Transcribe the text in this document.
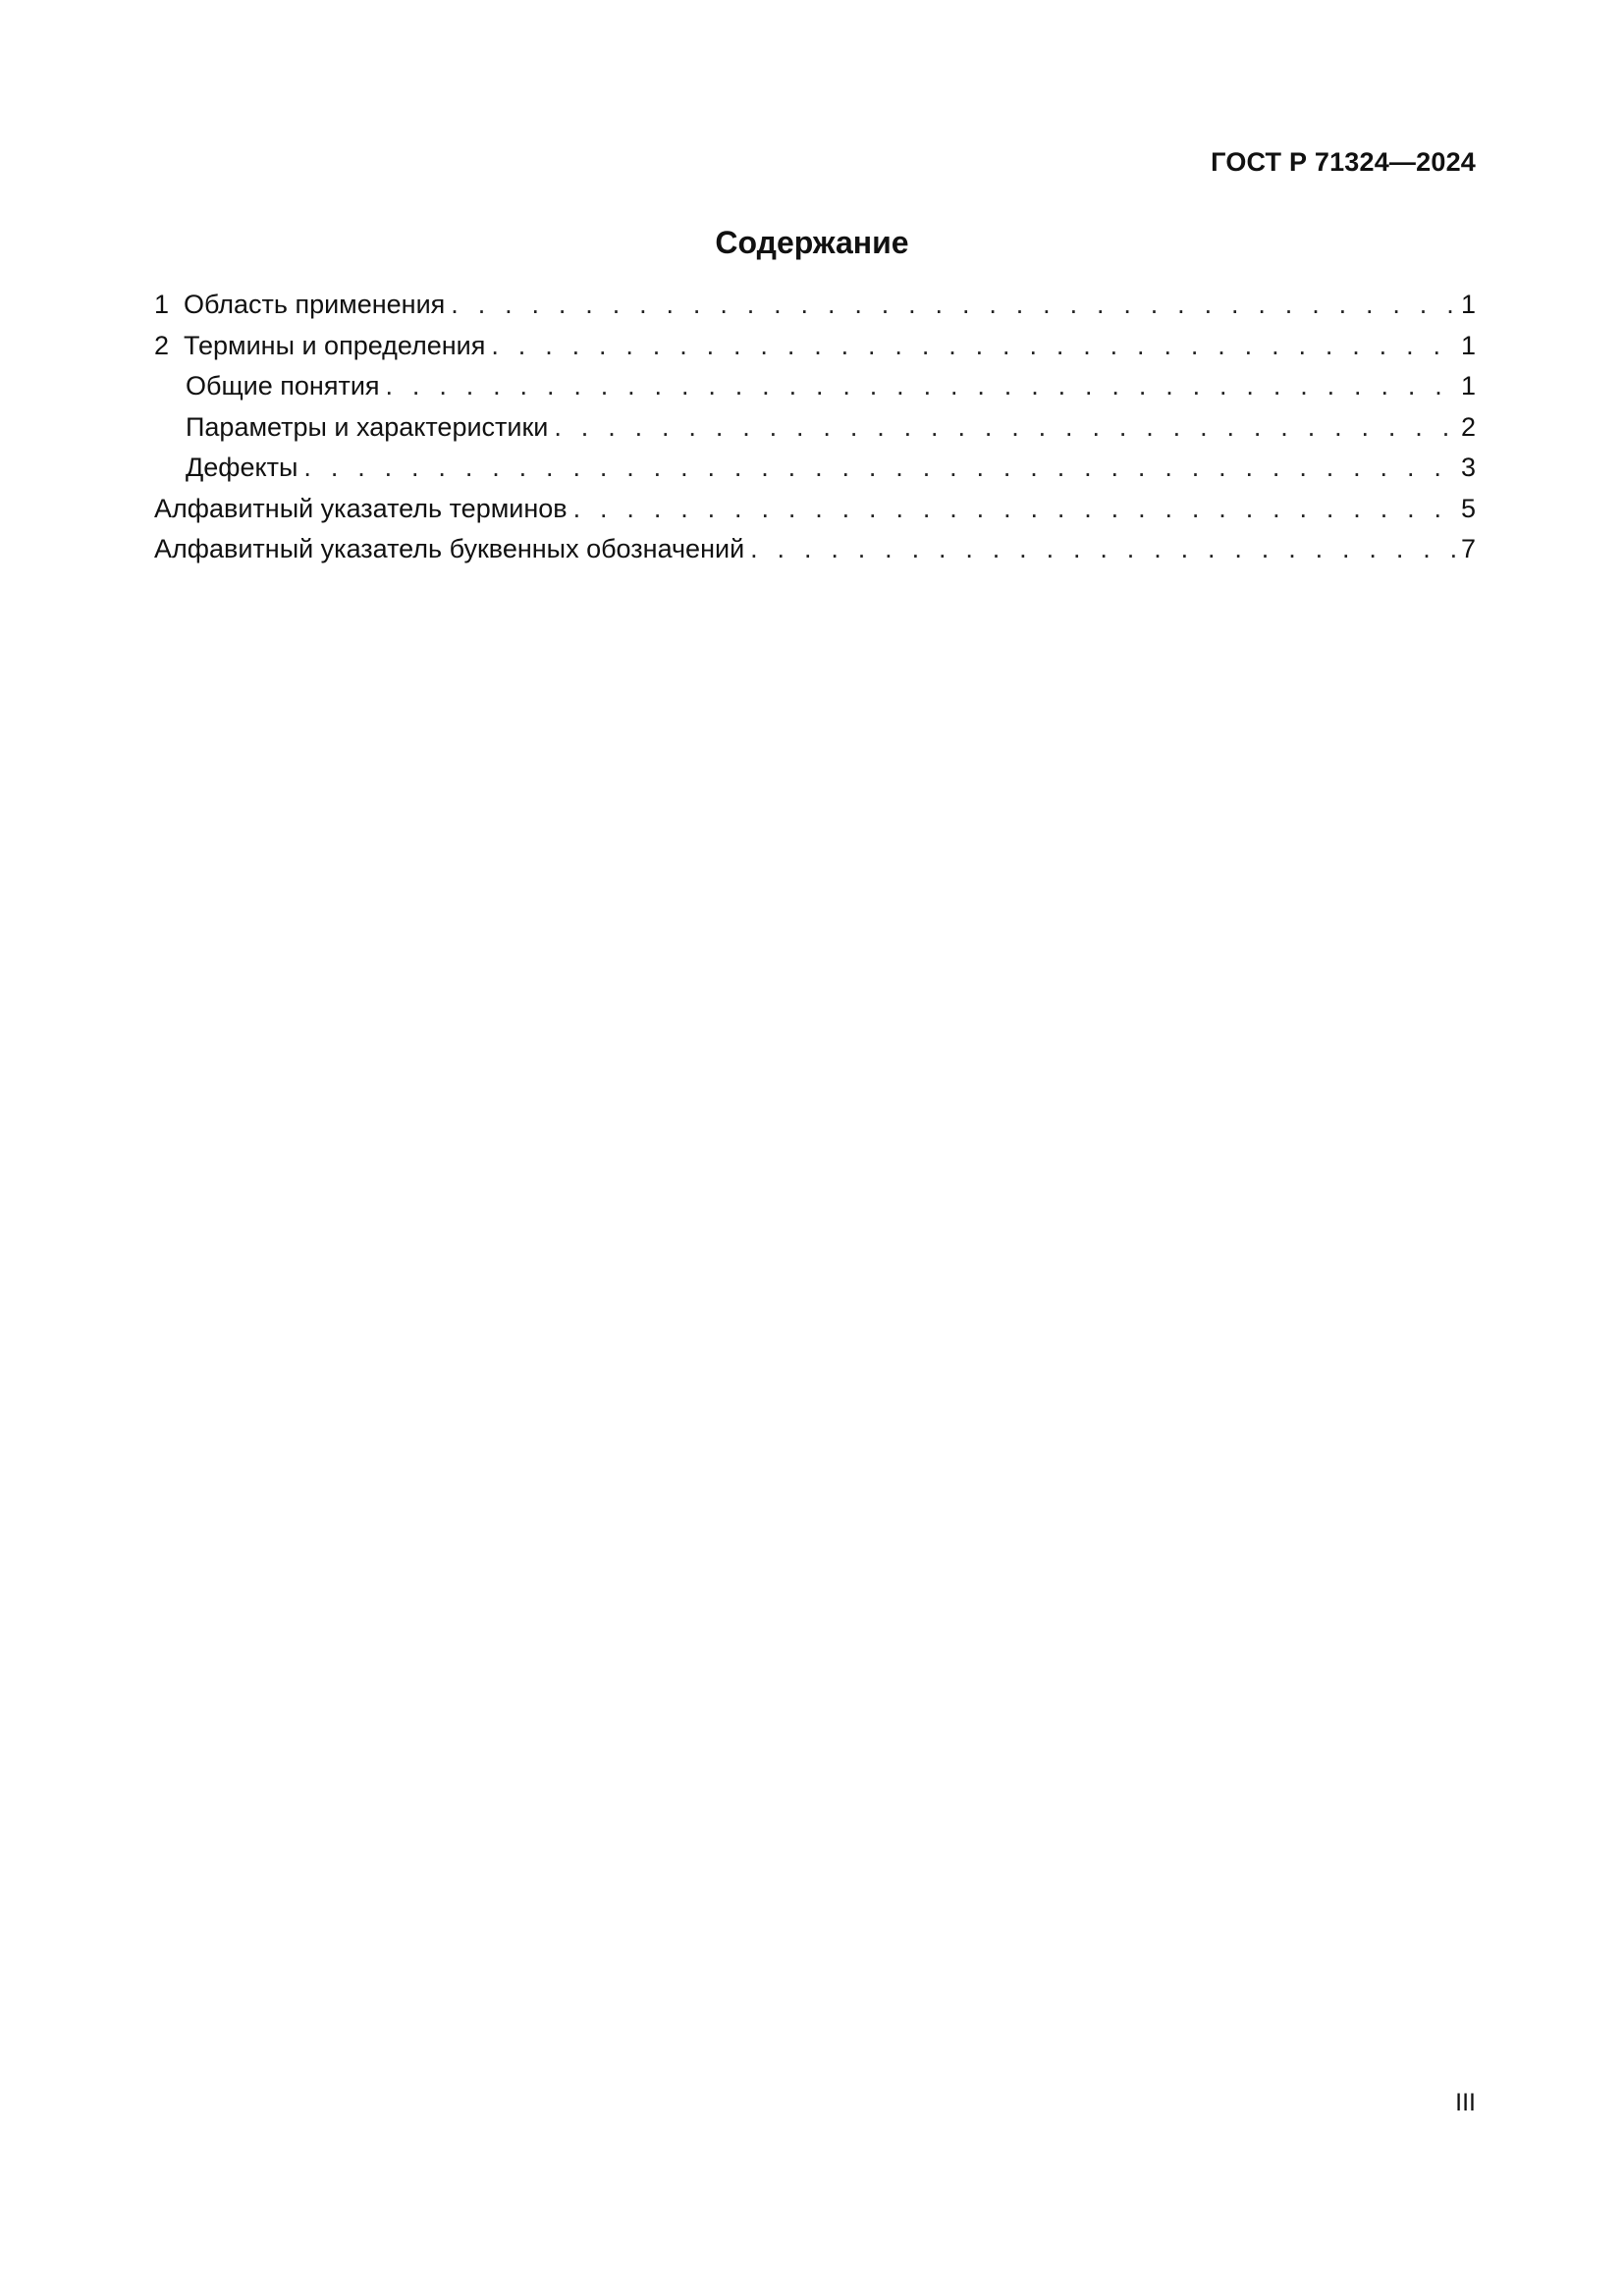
ГОСТ Р 71324—2024
Содержание
1 Область применения . . .	1
2 Термины и определения . . .	1
Общие понятия . . .	1
Параметры и характеристики . . .	2
Дефекты . . .	3
Алфавитный указатель терминов . . .	5
Алфавитный указатель буквенных обозначений . . .	7
III
